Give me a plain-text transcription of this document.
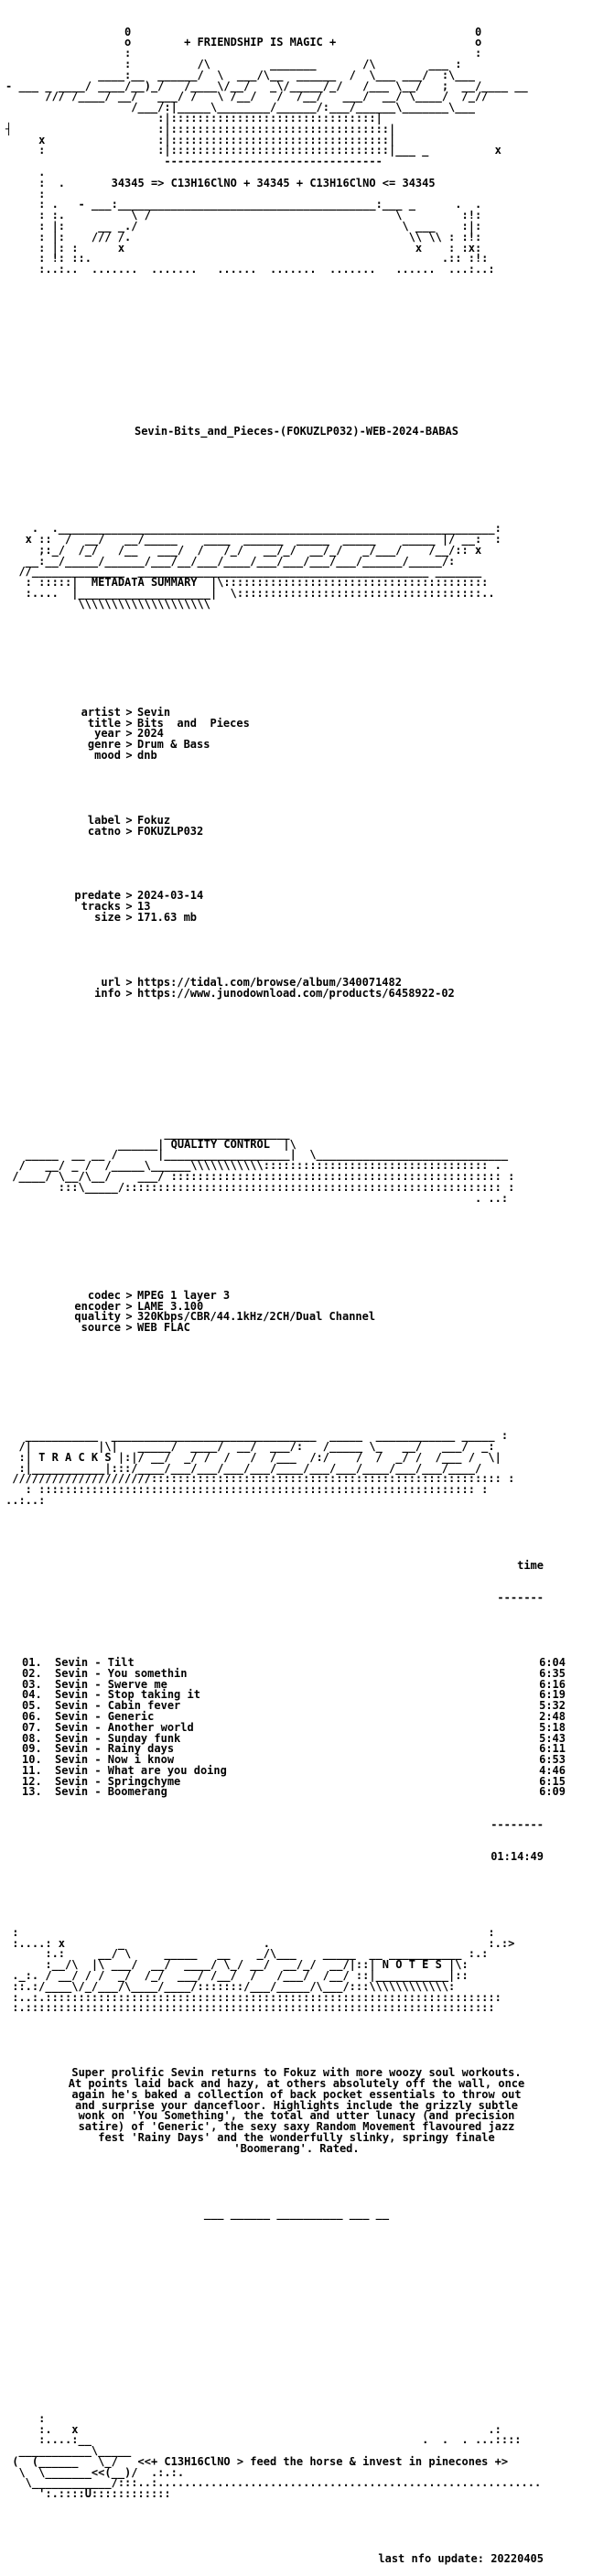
0                                                    0
o        + FRIENDSHIP IS MAGIC +                     o
:                                                    :
:          /\         _______       /\        ___ :
____:__  ______/  \  ___/\__  ______  /  \___ ___/  :\___
- ___ _ ____/ ____/__)_/   /____\/__/   _\/_____/_/   /___ \__/   ;  __/____ __
/// /____/ __/   ___/ /   \ /__/   /  /__/   ___/  __/ \____/  /_//
/___/:|_____\________/______/:___/______\_______\___
:|:::::::::::::::::::::::::::::::|
┤                      :|:::::::::::::::::::::::::::::::::|
x                 :|:::::::::::::::::::::::::::::::::|
:                 :|:::::::::::::::::::::::::::::::::|___ _          x
---------------------------------
.
:  .       34345 => C13H16ClNO + 34345 + C13H16ClNO <= 34345
:
: .   - ___:_______________________________________:___ _      .  .
: :.          \ /                                     \         :!:
: |:     __ _./                                        \ ___    :|:
: |:    /// /.                                          \\ \\ : :!:
: |: :      x                                            x    : :x:
: !: ::.                                                     .:: :!:
:..:..  .......  .......   ......  .......  .......   ......  ...:..:

Sevin-Bits_and_Pieces-(FOKUZLP032)-WEB-2024-BABAS

.  .__________________________________________________________________:
x ::  /  __/   __/_____    ____  ______  _____  _____    _____ |/ __:  :
;:_/  /_/   /__   ___/  /   /_/   __/_/  __/_/   _/___/    /__/:: x
__:__/_____/______/___/__/___/____/___/___/___/___/______/_____/:
//______________  ____________________________________________ _______
: :::::|  METADATA SUMMARY  |\::::::::::::::::::::::::::::::::::::::::
:....  |____________________|  \:::::::::::::::::::::::::::::::::::::..
\\\\\\\\\\\\\\\\\\\\

artist > Sevin
title > Bits  and  Pieces
year > 2024
genre > Drum & Bass
mood > dnb

label > Fokuz
catno > FOKUZLP032

predate > 2024-03-14
tracks > 13
size > 171.63 mb

url > https://tidal.com/browse/album/340071482
info > https://www.junodownload.com/products/6458922-02

___________________
______| QUALITY CONTROL  |\
_____  __ __ /      |___________________|  \_____________________________
/   __/ _ /  /_____\______\\\\\\\\\\\:::::::::::::::::::::::::::::::::: .
/____/ \__/\__/    ___/ :::::::::::::::::::::::::::::::::::::::::::::::::: :
:::\_____/::::::::::::::::::::::::::::::::::::::::::::::::::::::::: :
. ..:

codec > MPEG 1 layer 3
encoder > LAME 3.100
quality > 320Kbps/CBR/44.1kHz/2CH/Dual Channel
source > WEB FLAC

___________  _______________________________  _____  ____________ _____ :
/|          |\|   _____/  ____/  __/  ___/:   /_____ \_   __/   ___/  _:
:| T R A C K S |:|/ __/  _/ /  /   /  /___  /:/    /  /  _/ /  /___ /  \|
:|___________|:::/____/___/___/___/___/____/___/___/____/___/___/____/
/////////////////////::::::::::::::::::::::::::::::::::::::::::::::::::::: :
: :::::::::::::::::::::::::::::::::::::::::::::::::::::::::::::::::: :
..:..:

time

-------

01. Sevin - Tilt	6:04
02. Sevin - You somethin	6:35
03. Sevin - Swerve me	6:16
04. Sevin - Stop taking it	6:19
05. Sevin - Cabin fever	5:32
06. Sevin - Generic	2:48
07. Sevin - Another world	5:18
08. Sevin - Sunday funk	5:43
09. Sevin - Rainy days	6:11
10. Sevin - Now i know	6:53
11. Sevin - What are you doing	4:46
12. Sevin - Springchyme	6:15
13. Sevin - Boomerang	6:09

--------

01:14:49

:                                                                       :
:....: x        _                     .                                 :.:>
:.:     __/ \     _____   __    _/\___    _____  __ ___________ :.:
:__/\  |\ ___/  __/  ____/ \_/ __/  __/_/  __/|::| N O T E S |\:
._:. / __/ / /  _/  /_/  ___/ /__/  /   /___/  /__/ ::|___________|::
::.:/____\/_/___/\____/____/:::::::/___/_____/\___/:::\\\\\\\\\\\\:
:..:.:::::::::::::::::::::::::::::::::::::::::::::::::::::::::::::::::::::
:.:::::::::::::::::::::::::::::::::::::::::::::::::::::::::::::::::::::::

Super prolific Sevin returns to Fokuz with more woozy soul workouts.
At points laid back and hazy, at others absolutely off the wall, once
again he's baked a collection of back pocket essentials to throw out
and surprise your dancefloor. Highlights include the grizzly subtle
wonk on 'You Something', the total and utter lunacy (and precision
satire) of 'Generic', the sexy saxy Random Movement flavoured jazz
fest 'Rainy Days' and the wonderfully slinky, springy finale
'Boomerang'. Rated.

___ ______ __________ ___ __

:
:.   x                                                              .:
:....:__                                                  .  .  . ...::::
___________\_____
(  (______   \_/   <<+ C13H16ClNO > feed the horse & invest in pinecones +>
\  \_______<<(__)/  .:.:.
\____________/:::..:..........................................................
':.::::U::::::::::::

last nfo update: 20220405
